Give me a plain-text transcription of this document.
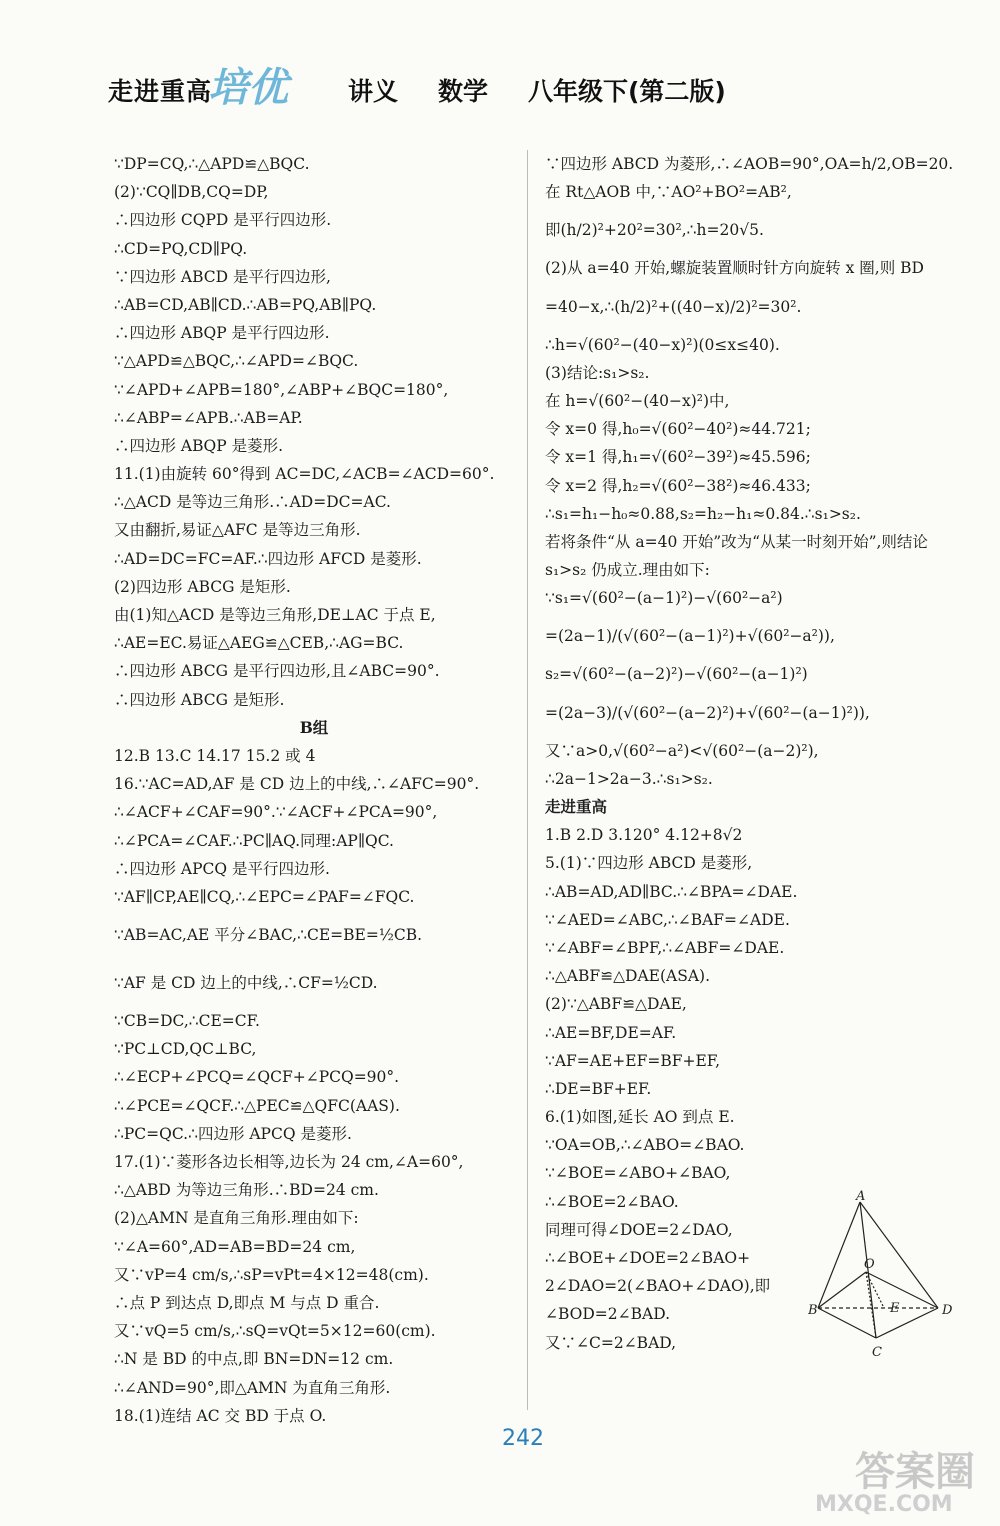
走进重高
培优 讲义 数学 八年级下(第二版)
∵DP=CQ,∴△APD≌△BQC.
(2)∵CQ∥DB,CQ=DP,
∴四边形 CQPD 是平行四边形.
∴CD=PQ,CD∥PQ.
∵四边形 ABCD 是平行四边形,
∴AB=CD,AB∥CD.∴AB=PQ,AB∥PQ.
∴四边形 ABQP 是平行四边形.
∵△APD≌△BQC,∴∠APD=∠BQC.
∵∠APD+∠APB=180°,∠ABP+∠BQC=180°,
∴∠ABP=∠APB.∴AB=AP.
∴四边形 ABQP 是菱形.
11.(1)由旋转 60°得到 AC=DC,∠ACB=∠ACD=60°.
∴△ACD 是等边三角形.∴AD=DC=AC.
又由翻折,易证△AFC 是等边三角形.
∴AD=DC=FC=AF.∴四边形 AFCD 是菱形.
(2)四边形 ABCG 是矩形.
由(1)知△ACD 是等边三角形,DE⊥AC 于点 E,
∴AE=EC.易证△AEG≌△CEB,∴AG=BC.
∴四边形 ABCG 是平行四边形,且∠ABC=90°.
∴四边形 ABCG 是矩形.
B组
12.B 13.C 14.17 15.2 或 4
16.∵AC=AD,AF 是 CD 边上的中线,∴∠AFC=90°.
∴∠ACF+∠CAF=90°.∵∠ACF+∠PCA=90°,
∴∠PCA=∠CAF.∴PC∥AQ.同理:AP∥QC.
∴四边形 APCQ 是平行四边形.
∵AF∥CP,AE∥CQ,∴∠EPC=∠PAF=∠FQC.
∵AB=AC,AE 平分∠BAC,∴CE=BE=½CB.
∵AF 是 CD 边上的中线,∴CF=½CD.
∵CB=DC,∴CE=CF.
∵PC⊥CD,QC⊥BC,
∴∠ECP+∠PCQ=∠QCF+∠PCQ=90°.
∴∠PCE=∠QCF.∴△PEC≌△QFC(AAS).
∴PC=QC.∴四边形 APCQ 是菱形.
17.(1)∵菱形各边长相等,边长为 24 cm,∠A=60°,
∴△ABD 为等边三角形.∴BD=24 cm.
(2)△AMN 是直角三角形.理由如下:
∵∠A=60°,AD=AB=BD=24 cm,
又∵vP=4 cm/s,∴sP=vPt=4×12=48(cm).
∴点 P 到达点 D,即点 M 与点 D 重合.
又∵vQ=5 cm/s,∴sQ=vQt=5×12=60(cm).
∴N 是 BD 的中点,即 BN=DN=12 cm.
∴∠AND=90°,即△AMN 为直角三角形.
18.(1)连结 AC 交 BD 于点 O.
∵四边形 ABCD 为菱形,∴∠AOB=90°,OA=h/2,OB=20.
在 Rt△AOB 中,∵AO²+BO²=AB²,
即(h/2)²+20²=30²,∴h=20√5.
(2)从 a=40 开始,螺旋装置顺时针方向旋转 x 圈,则 BD
=40−x,∴(h/2)²+((40−x)/2)²=30².
∴h=√(60²−(40−x)²)(0≤x≤40).
(3)结论:s₁>s₂.
在 h=√(60²−(40−x)²)中,
令 x=0 得,h₀=√(60²−40²)≈44.721;
令 x=1 得,h₁=√(60²−39²)≈45.596;
令 x=2 得,h₂=√(60²−38²)≈46.433;
∴s₁=h₁−h₀≈0.88,s₂=h₂−h₁≈0.84.∴s₁>s₂.
若将条件“从 a=40 开始”改为“从某一时刻开始”,则结论
s₁>s₂ 仍成立.理由如下:
∵s₁=√(60²−(a−1)²)−√(60²−a²)
=(2a−1)/(√(60²−(a−1)²)+√(60²−a²)),
s₂=√(60²−(a−2)²)−√(60²−(a−1)²)
=(2a−3)/(√(60²−(a−2)²)+√(60²−(a−1)²)),
又∵a>0,√(60²−a²)<√(60²−(a−2)²),
∴2a−1>2a−3.∴s₁>s₂.
走进重高
1.B 2.D 3.120° 4.12+8√2
5.(1)∵四边形 ABCD 是菱形,
∴AB=AD,AD∥BC.∴∠BPA=∠DAE.
∵∠AED=∠ABC,∴∠BAF=∠ADE.
∵∠ABF=∠BPF,∴∠ABF=∠DAE.
∴△ABF≌△DAE(ASA).
(2)∵△ABF≌△DAE,
∴AE=BF,DE=AF.
∵AF=AE+EF=BF+EF,
∴DE=BF+EF.
6.(1)如图,延长 AO 到点 E.
∵OA=OB,∴∠ABO=∠BAO.
∵∠BOE=∠ABO+∠BAO,
∴∠BOE=2∠BAO.
同理可得∠DOE=2∠DAO,
∴∠BOE+∠DOE=2∠BAO+
2∠DAO=2(∠BAO+∠DAO),即
∠BOD=2∠BAD.
又∵∠C=2∠BAD,
A
B
C
D
O
E
242
答案圈
MXQE.COM
